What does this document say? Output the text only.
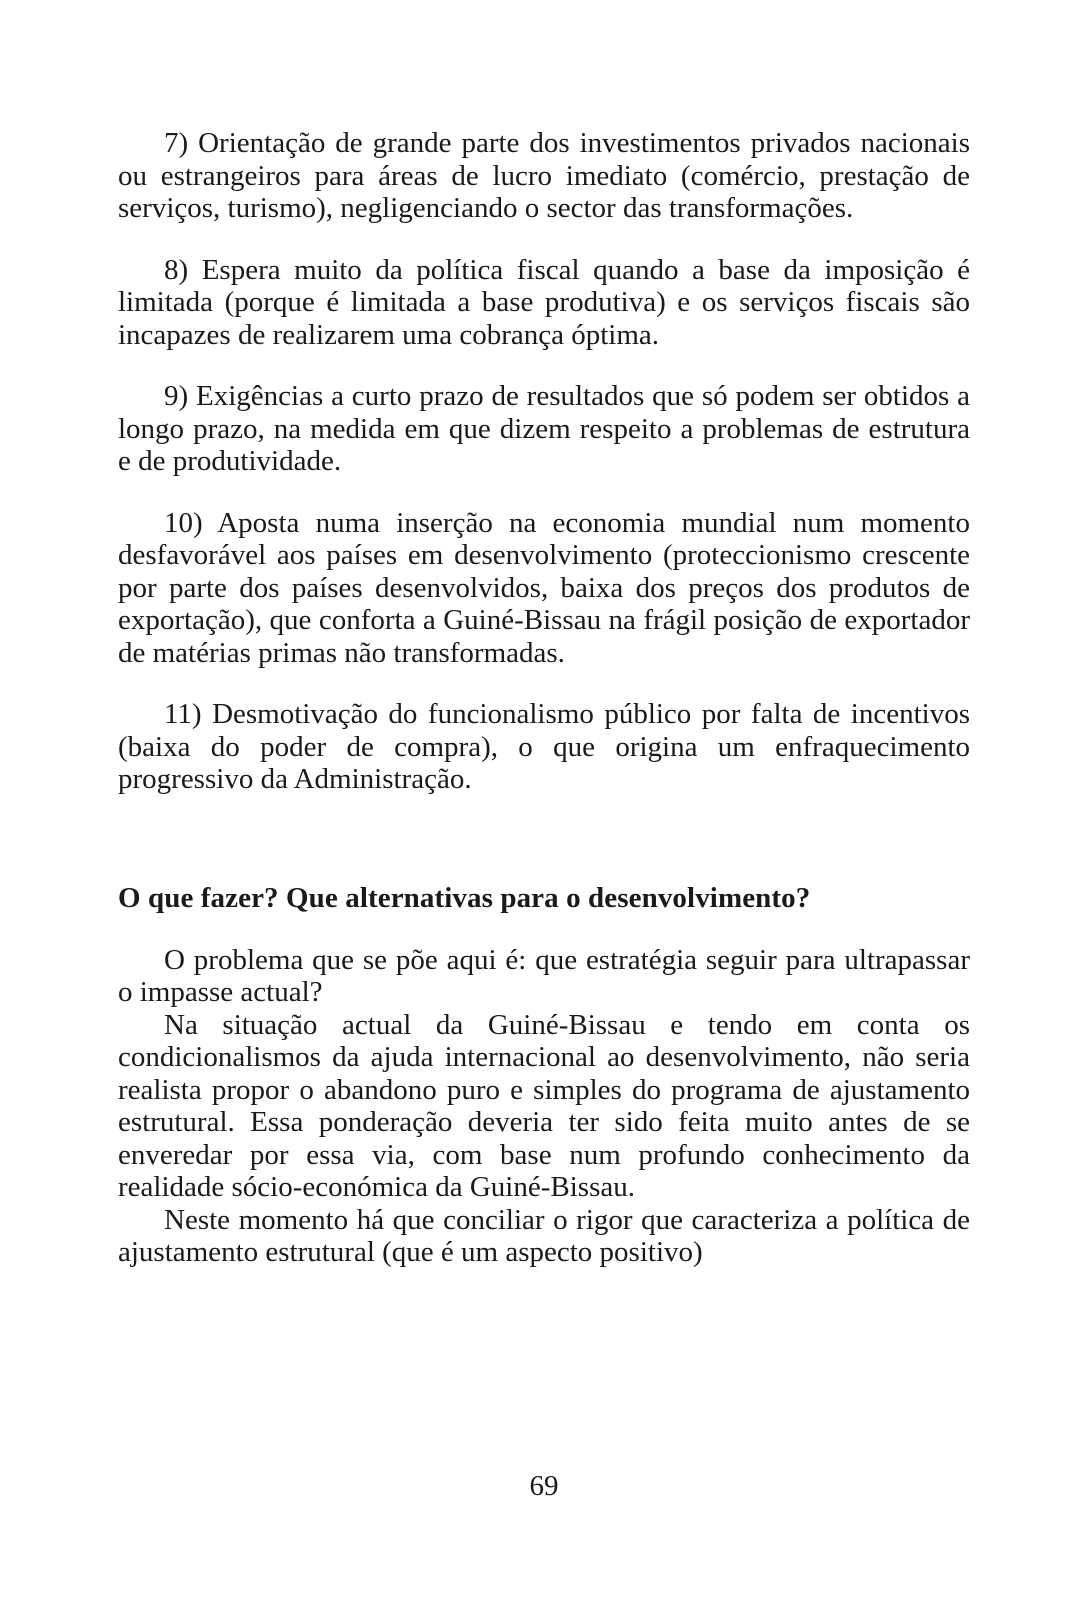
7) Orientação de grande parte dos investimentos privados nacionais ou estrangeiros para áreas de lucro imediato (comércio, prestação de serviços, turismo), negligenciando o sector das transformações.

8) Espera muito da política fiscal quando a base da imposição é limitada (porque é limitada a base produtiva) e os serviços fiscais são incapazes de realizarem uma cobrança óptima.

9) Exigências a curto prazo de resultados que só podem ser obtidos a longo prazo, na medida em que dizem respeito a problemas de estrutura e de produtividade.

10) Aposta numa inserção na economia mundial num momento desfavorável aos países em desenvolvimento (proteccionismo crescente por parte dos países desenvolvidos, baixa dos preços dos produtos de exportação), que conforta a Guiné-Bissau na frágil posição de exportador de matérias primas não transformadas.

11) Desmotivação do funcionalismo público por falta de incentivos (baixa do poder de compra), o que origina um enfraquecimento progressivo da Administração.

O que fazer? Que alternativas para o desenvolvimento?

O problema que se põe aqui é: que estratégia seguir para ultrapassar o impasse actual?

Na situação actual da Guiné-Bissau e tendo em conta os condicionalismos da ajuda internacional ao desenvolvimento, não seria realista propor o abandono puro e simples do programa de ajustamento estrutural. Essa ponderação deveria ter sido feita muito antes de se enveredar por essa via, com base num profundo conhecimento da realidade sócio-económica da Guiné-Bissau.

Neste momento há que conciliar o rigor que caracteriza a política de ajustamento estrutural (que é um aspecto positivo)

69
